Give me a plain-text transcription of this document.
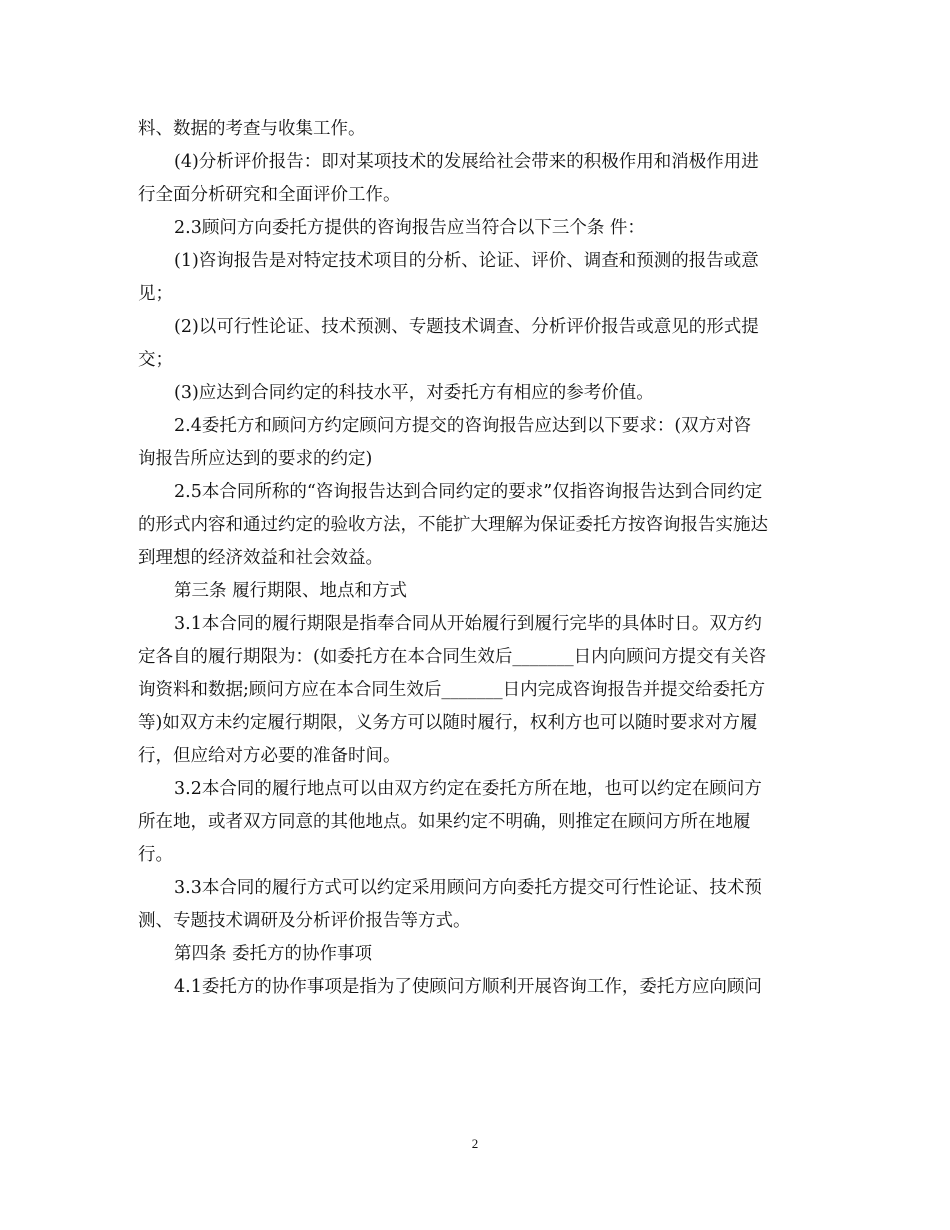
料、数据的考查与收集工作。
(4)分析评价报告：即对某项技术的发展给社会带来的积极作用和消极作用进
行全面分析研究和全面评价工作。
2.3顾问方向委托方提供的咨询报告应当符合以下三个条 件：
(1)咨询报告是对特定技术项目的分析、论证、评价、调查和预测的报告或意
见；
(2)以可行性论证、技术预测、专题技术调查、分析评价报告或意见的形式提
交；
(3)应达到合同约定的科技水平，对委托方有相应的参考价值。
2.4委托方和顾问方约定顾问方提交的咨询报告应达到以下要求：(双方对咨
询报告所应达到的要求的约定)
2.5本合同所称的“咨询报告达到合同约定的要求”仅指咨询报告达到合同约定
的形式内容和通过约定的验收方法，不能扩大理解为保证委托方按咨询报告实施达
到理想的经济效益和社会效益。
第三条 履行期限、地点和方式
3.1本合同的履行期限是指奉合同从开始履行到履行完毕的具体时日。双方约
定各自的履行期限为：(如委托方在本合同生效后_______日内向顾问方提交有关咨
询资料和数据;顾问方应在本合同生效后_______日内完成咨询报告并提交给委托方
等)如双方未约定履行期限，义务方可以随时履行，权利方也可以随时要求对方履
行，但应给对方必要的准备时间。
3.2本合同的履行地点可以由双方约定在委托方所在地，也可以约定在顾问方
所在地，或者双方同意的其他地点。如果约定不明确，则推定在顾问方所在地履
行。
3.3本合同的履行方式可以约定采用顾问方向委托方提交可行性论证、技术预
测、专题技术调研及分析评价报告等方式。
第四条 委托方的协作事项
4.1委托方的协作事项是指为了使顾问方顺利开展咨询工作，委托方应向顾问
2
